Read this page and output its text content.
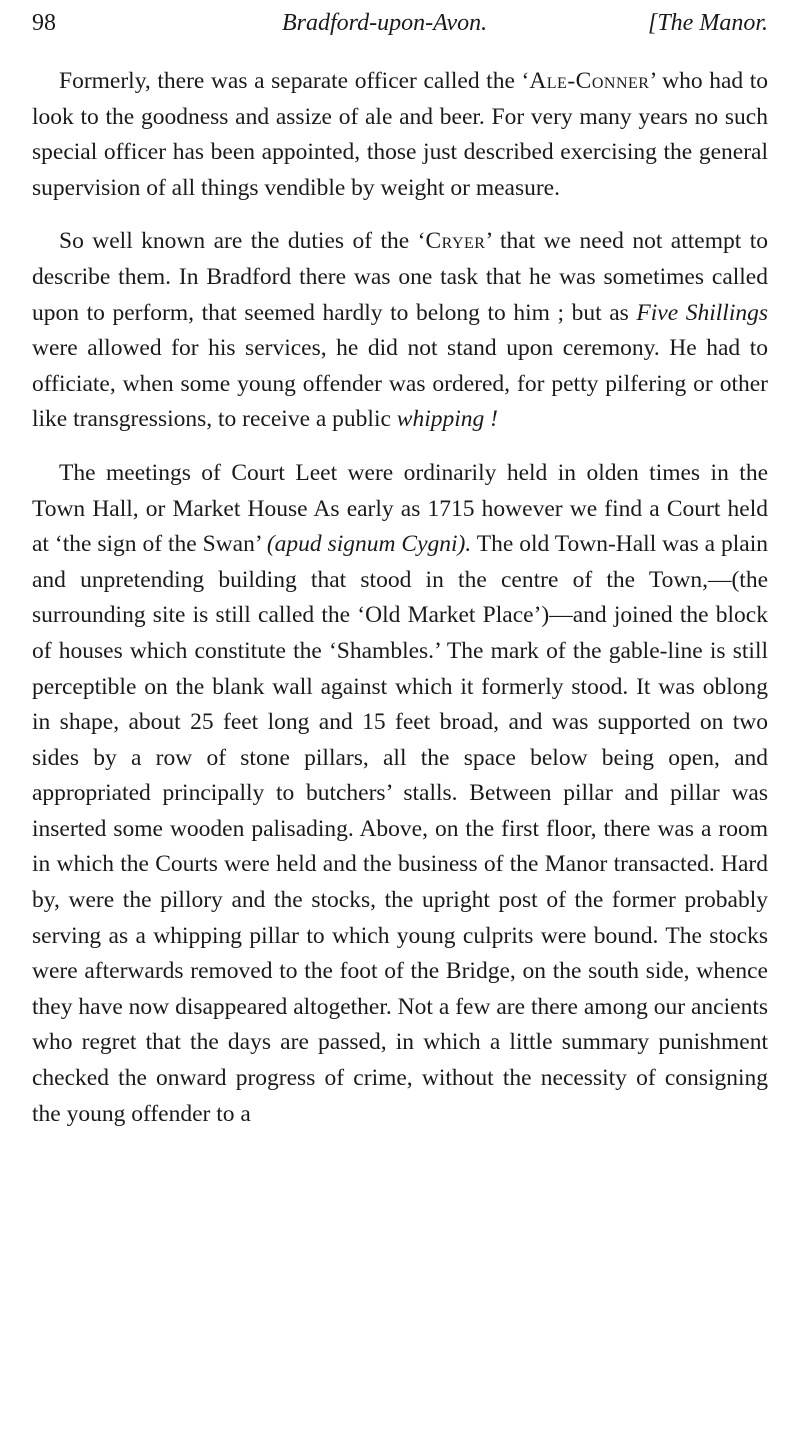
98	Bradford-upon-Avon.	[The Manor.

Formerly, there was a separate officer called the ‘Ale-Conner’ who had to look to the goodness and assize of ale and beer. For very many years no such special officer has been appointed, those just described exercising the general supervision of all things vendible by weight or measure.

So well known are the duties of the ‘Cryer’ that we need not attempt to describe them. In Bradford there was one task that he was sometimes called upon to perform, that seemed hardly to belong to him ; but as Five Shillings were allowed for his services, he did not stand upon ceremony. He had to officiate, when some young offender was ordered, for petty pilfering or other like transgressions, to receive a public whipping !

The meetings of Court Leet were ordinarily held in olden times in the Town Hall, or Market House As early as 1715 however we find a Court held at ‘the sign of the Swan’ (apud signum Cygni). The old Town-Hall was a plain and unpretending building that stood in the centre of the Town,—(the surrounding site is still called the ‘Old Market Place’)—and joined the block of houses which constitute the ‘Shambles.’ The mark of the gable-line is still perceptible on the blank wall against which it formerly stood. It was oblong in shape, about 25 feet long and 15 feet broad, and was supported on two sides by a row of stone pillars, all the space below being open, and appropriated principally to butchers’ stalls. Between pillar and pillar was inserted some wooden palisading. Above, on the first floor, there was a room in which the Courts were held and the business of the Manor transacted. Hard by, were the pillory and the stocks, the upright post of the former probably serving as a whipping pillar to which young culprits were bound. The stocks were afterwards removed to the foot of the Bridge, on the south side, whence they have now disappeared altogether. Not a few are there among our ancients who regret that the days are passed, in which a little summary punishment checked the onward progress of crime, without the necessity of consigning the young offender to a
